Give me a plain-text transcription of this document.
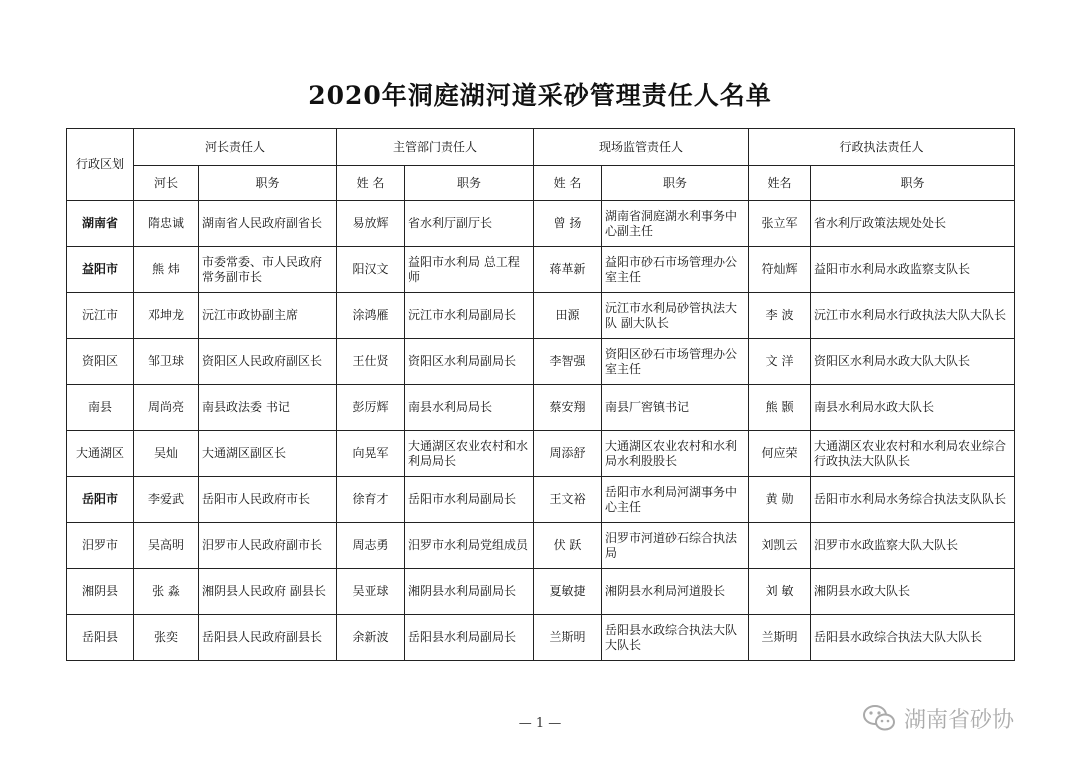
2020年洞庭湖河道采砂管理责任人名单
行政区划	河长责任人		主管部门责任人		现场监管责任人		行政执法责任人	
	河长	职务	姓 名	职务	姓 名	职务	姓名	职务
湖南省	隋忠诚	湖南省人民政府副省长	易放辉	省水利厅副厅长	曾 扬	湖南省洞庭湖水利事务中心副主任	张立军	省水利厅政策法规处处长
益阳市	熊 炜	市委常委、市人民政府常务副市长	阳汉文	益阳市水利局 总工程师	蒋革新	益阳市砂石市场管理办公室主任	符灿辉	益阳市水利局水政监察支队长
沅江市	邓坤龙	沅江市政协副主席	涂鸿雁	沅江市水利局副局长	田源	沅江市水利局砂管执法大队 副大队长	李 波	沅江市水利局水行政执法大队大队长
资阳区	邹卫球	资阳区人民政府副区长	王仕贤	资阳区水利局副局长	李智强	资阳区砂石市场管理办公室主任	文 洋	资阳区水利局水政大队大队长
南县	周尚亮	南县政法委 书记	彭厉辉	南县水利局局长	蔡安翔	南县厂窖镇书记	熊 颢	南县水利局水政大队长
大通湖区	吴灿	大通湖区副区长	向晃军	大通湖区农业农村和水利局局长	周添舒	大通湖区农业农村和水利局水利股股长	何应荣	大通湖区农业农村和水利局农业综合行政执法大队队长
岳阳市	李爱武	岳阳市人民政府市长	徐育才	岳阳市水利局副局长	王文裕	岳阳市水利局河湖事务中心主任	黄 勋	岳阳市水利局水务综合执法支队队长
汨罗市	吴高明	汨罗市人民政府副市长	周志勇	汨罗市水利局党组成员	伏 跃	汨罗市河道砂石综合执法局	刘凯云	汨罗市水政监察大队大队长
湘阴县	张 淼	湘阴县人民政府 副县长	吴亚球	湘阴县水利局副局长	夏敏捷	湘阴县水利局河道股长	刘 敏	湘阴县水政大队长
岳阳县	张奕	岳阳县人民政府副县长	余新波	岳阳县水利局副局长	兰斯明	岳阳县水政综合执法大队大队长	兰斯明	岳阳县水政综合执法大队大队长
— 1 —	湖南省砂协
